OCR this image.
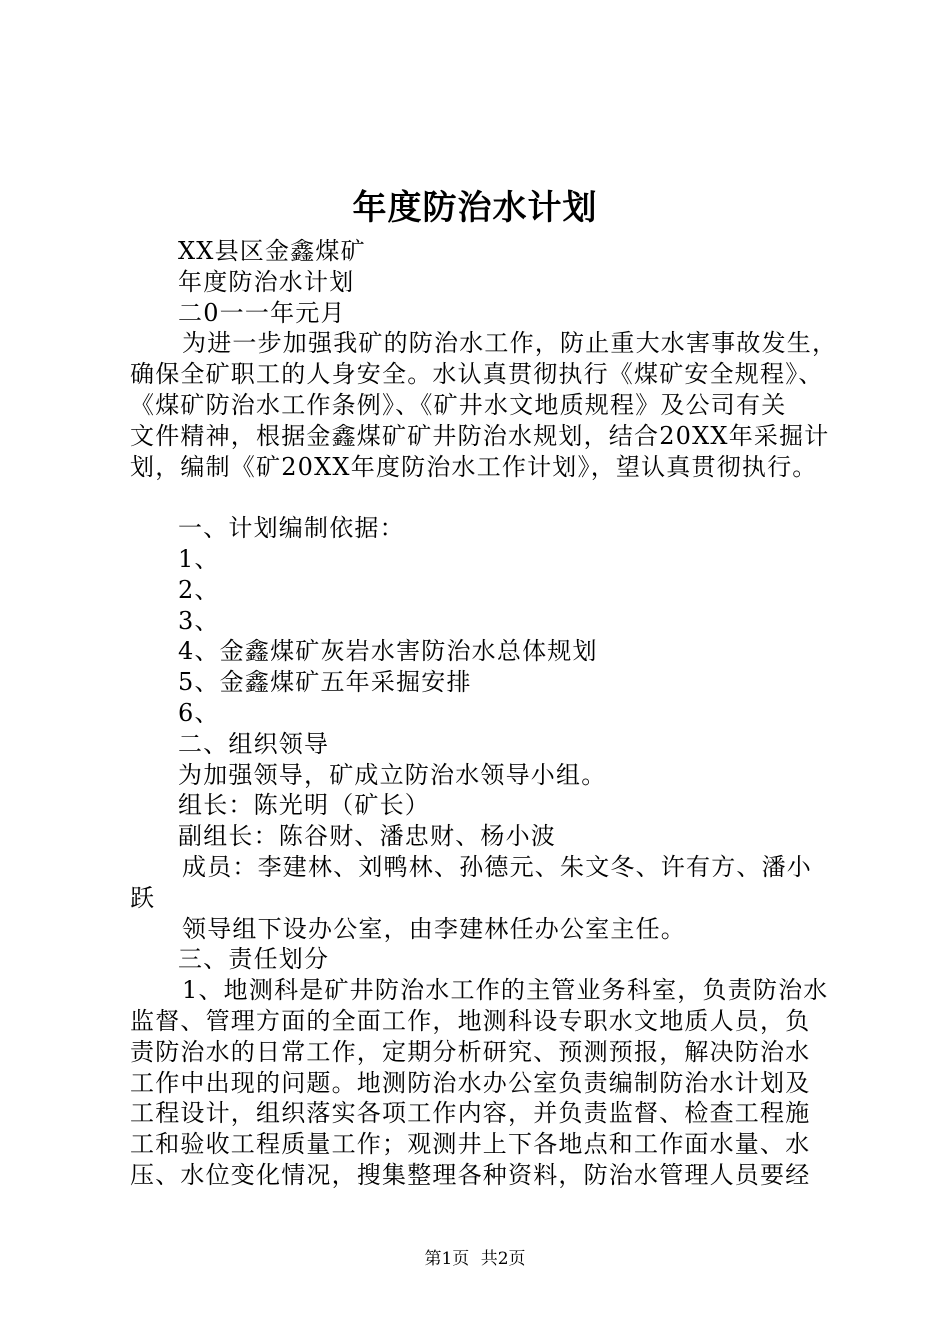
年度防治水计划
XX县区金鑫煤矿
年度防治水计划
二0一一年元月
为进一步加强我矿的防治水工作，防止重大水害事故发生，
确保全矿职工的人身安全。水认真贯彻执行《煤矿安全规程》、
《煤矿防治水工作条例》、《矿井水文地质规程》及公司有关
文件精神，根据金鑫煤矿矿井防治水规划，结合20XX年采掘计
划，编制《矿20XX年度防治水工作计划》，望认真贯彻执行。
一、计划编制依据：
1、
2、
3、
4、金鑫煤矿灰岩水害防治水总体规划
5、金鑫煤矿五年采掘安排
6、
二、组织领导
为加强领导，矿成立防治水领导小组。
组长：陈光明（矿长）
副组长：陈谷财、潘忠财、杨小波
成员：李建林、刘鸭林、孙德元、朱文冬、许有方、潘小
跃
领导组下设办公室，由李建林任办公室主任。
三、责任划分
1、地测科是矿井防治水工作的主管业务科室，负责防治水
监督、管理方面的全面工作，地测科设专职水文地质人员，负
责防治水的日常工作，定期分析研究、预测预报，解决防治水
工作中出现的问题。地测防治水办公室负责编制防治水计划及
工程设计，组织落实各项工作内容，并负责监督、检查工程施
工和验收工程质量工作；观测井上下各地点和工作面水量、水
压、水位变化情况，搜集整理各种资料，防治水管理人员要经
第1页 共2页
